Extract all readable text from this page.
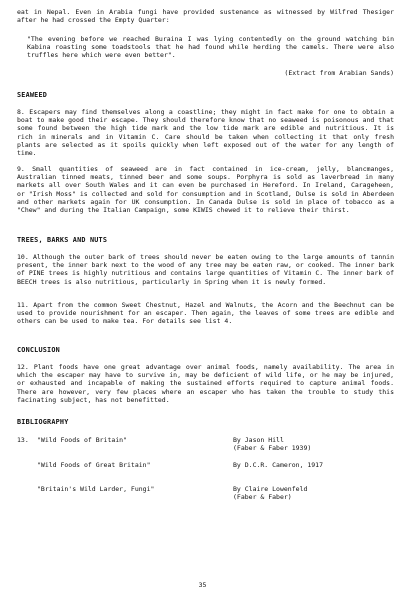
eat in Nepal. Even in Arabia fungi have provided sustenance as witnessed by Wilfred Thesiger after he had crossed the Empty Quarter:
"The evening before we reached Buraina I was lying contentedly on the ground watching bin Kabina roasting some toadstools that he had found while herding the camels. There were also truffles here which were even better".
(Extract from Arabian Sands)
SEAWEED
8. Escapers may find themselves along a coastline; they might in fact make for one to obtain a boat to make good their escape. They should therefore know that no seaweed is poisonous and that some found between the high tide mark and the low tide mark are edible and nutritious. It is rich in minerals and in Vitamin C. Care should be taken when collecting it that only fresh plants are selected as it spoils quickly when left exposed out of the water for any length of time.
9. Small quantities of seaweed are in fact contained in ice-cream, jelly, blancmanges, Australian tinned meats, tinned beer and some soups. Porphyra is sold as laverbread in many markets all over South Wales and it can even be purchased in Hereford. In Ireland, Carageheen, or "Irish Moss" is collected and sold for consumption and in Scotland, Dulse is sold in Aberdeen and other markets again for UK consumption. In Canada Dulse is sold in place of tobacco as a "Chew" and during the Italian Campaign, some KIWIS chewed it to relieve their thirst.
TREES, BARKS AND NUTS
10. Although the outer bark of trees should never be eaten owing to the large amounts of tannin present, the inner bark next to the wood of any tree may be eaten raw, or cooked. The inner bark of PINE trees is highly nutritious and contains large quantities of Vitamin C. The inner bark of BEECH trees is also nutritious, particularly in Spring when it is newly formed.
11. Apart from the common Sweet Chestnut, Hazel and Walnuts, the Acorn and the Beechnut can be used to provide nourishment for an escaper. Then again, the leaves of some trees are edible and others can be used to make tea. For details see list 4.
CONCLUSION
12. Plant foods have one great advantage over animal foods, namely availability. The area in which the escaper may have to survive in, may be deficient of wild life, or he may be injured, or exhausted and incapable of making the sustained efforts required to capture animal foods. There are however, very few places where an escaper who has taken the trouble to study this facinating subject, has not benefitted.
BIBLIOGRAPHY
13. "Wild Foods of Britain"	By Jason Hill
(Faber & Faber 1939)
"Wild Foods of Great Britain"	By D.C.R. Cameron, 1917
"Britain's Wild Larder, Fungi"	By Claire Lowenfeld
(Faber & Faber)
35
